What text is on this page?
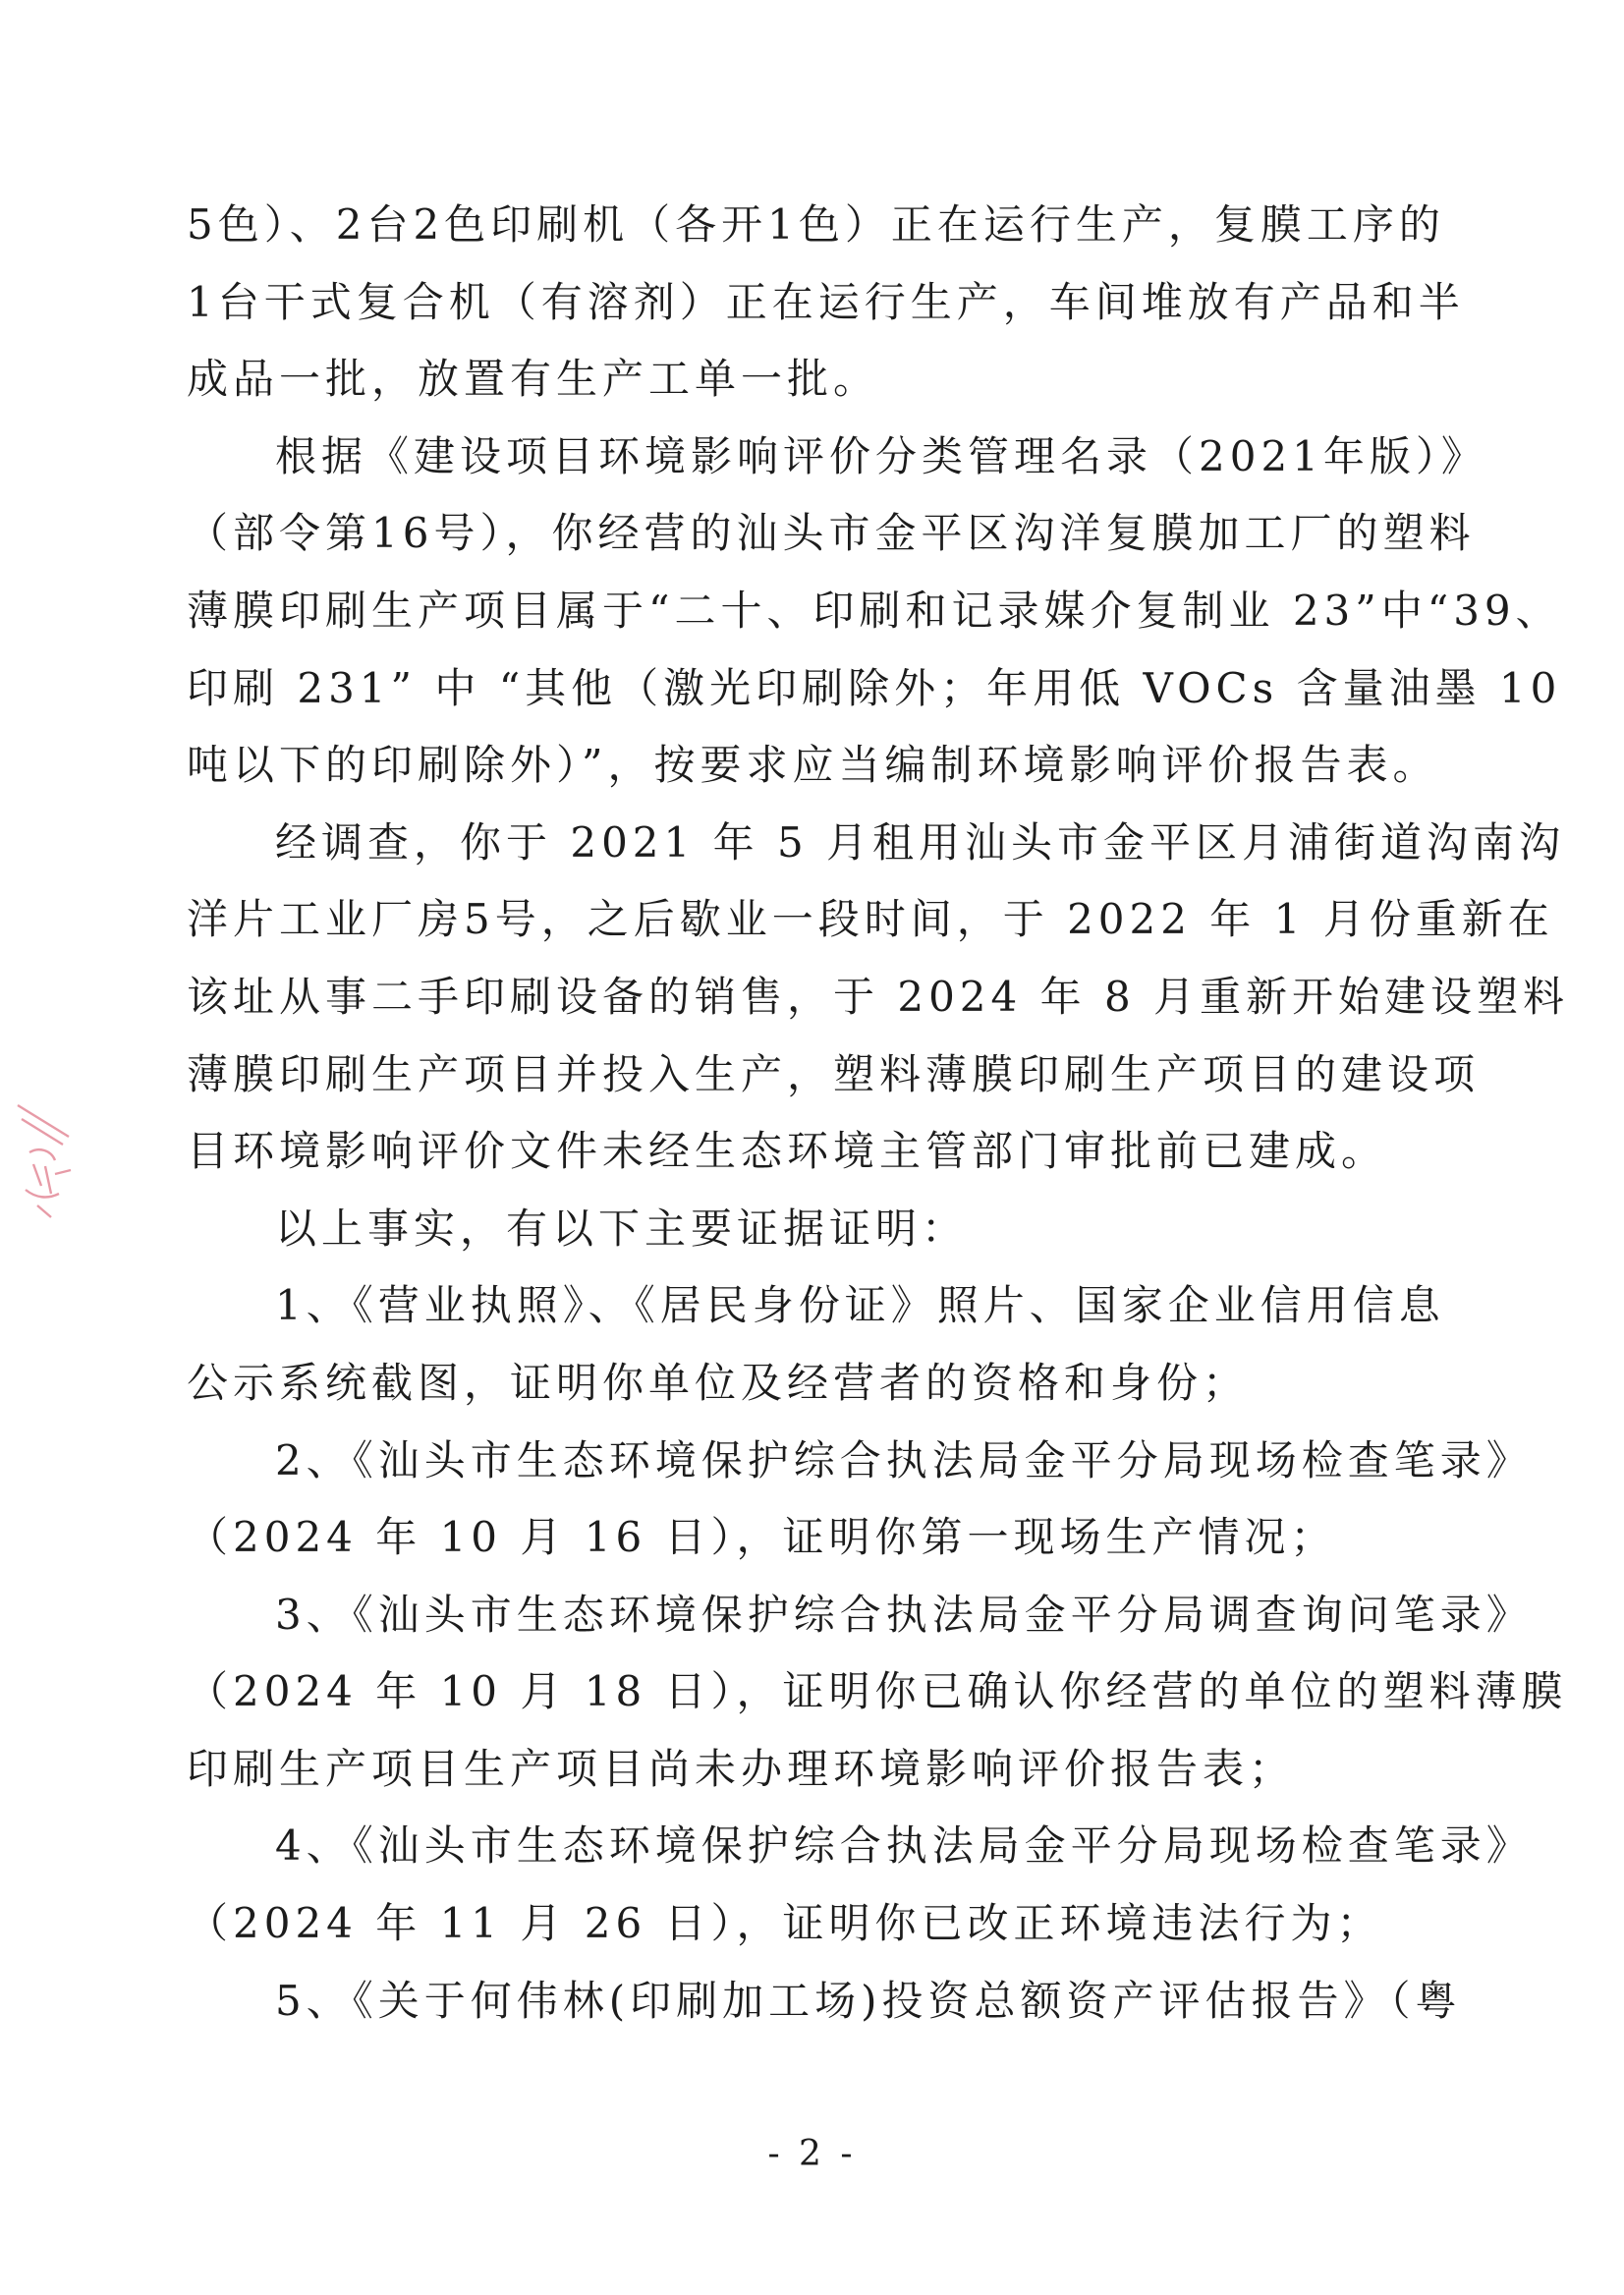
5色）、2台2色印刷机（各开1色）正在运行生产，复膜工序的
1台干式复合机（有溶剂）正在运行生产，车间堆放有产品和半
成品一批，放置有生产工单一批。
根据《建设项目环境影响评价分类管理名录（2021年版）》
（部令第16号），你经营的汕头市金平区沟洋复膜加工厂的塑料
薄膜印刷生产项目属于“二十、印刷和记录媒介复制业 23”中“39、
印刷 231” 中 “其他（激光印刷除外；年用低 VOCs 含量油墨 10
吨以下的印刷除外）”，按要求应当编制环境影响评价报告表。
经调查，你于 2021 年 5 月租用汕头市金平区月浦街道沟南沟
洋片工业厂房5号，之后歇业一段时间，于 2022 年 1 月份重新在
该址从事二手印刷设备的销售，于 2024 年 8 月重新开始建设塑料
薄膜印刷生产项目并投入生产，塑料薄膜印刷生产项目的建设项
目环境影响评价文件未经生态环境主管部门审批前已建成。
以上事实，有以下主要证据证明：
1、《营业执照》、《居民身份证》照片、国家企业信用信息
公示系统截图，证明你单位及经营者的资格和身份；
2、《汕头市生态环境保护综合执法局金平分局现场检查笔录》
（2024 年 10 月 16 日），证明你第一现场生产情况；
3、《汕头市生态环境保护综合执法局金平分局调查询问笔录》
（2024 年 10 月 18 日），证明你已确认你经营的单位的塑料薄膜
印刷生产项目生产项目尚未办理环境影响评价报告表；
4、《汕头市生态环境保护综合执法局金平分局现场检查笔录》
（2024 年 11 月 26 日），证明你已改正环境违法行为；
5、《关于何伟林(印刷加工场)投资总额资产评估报告》（粤
- 2 -
